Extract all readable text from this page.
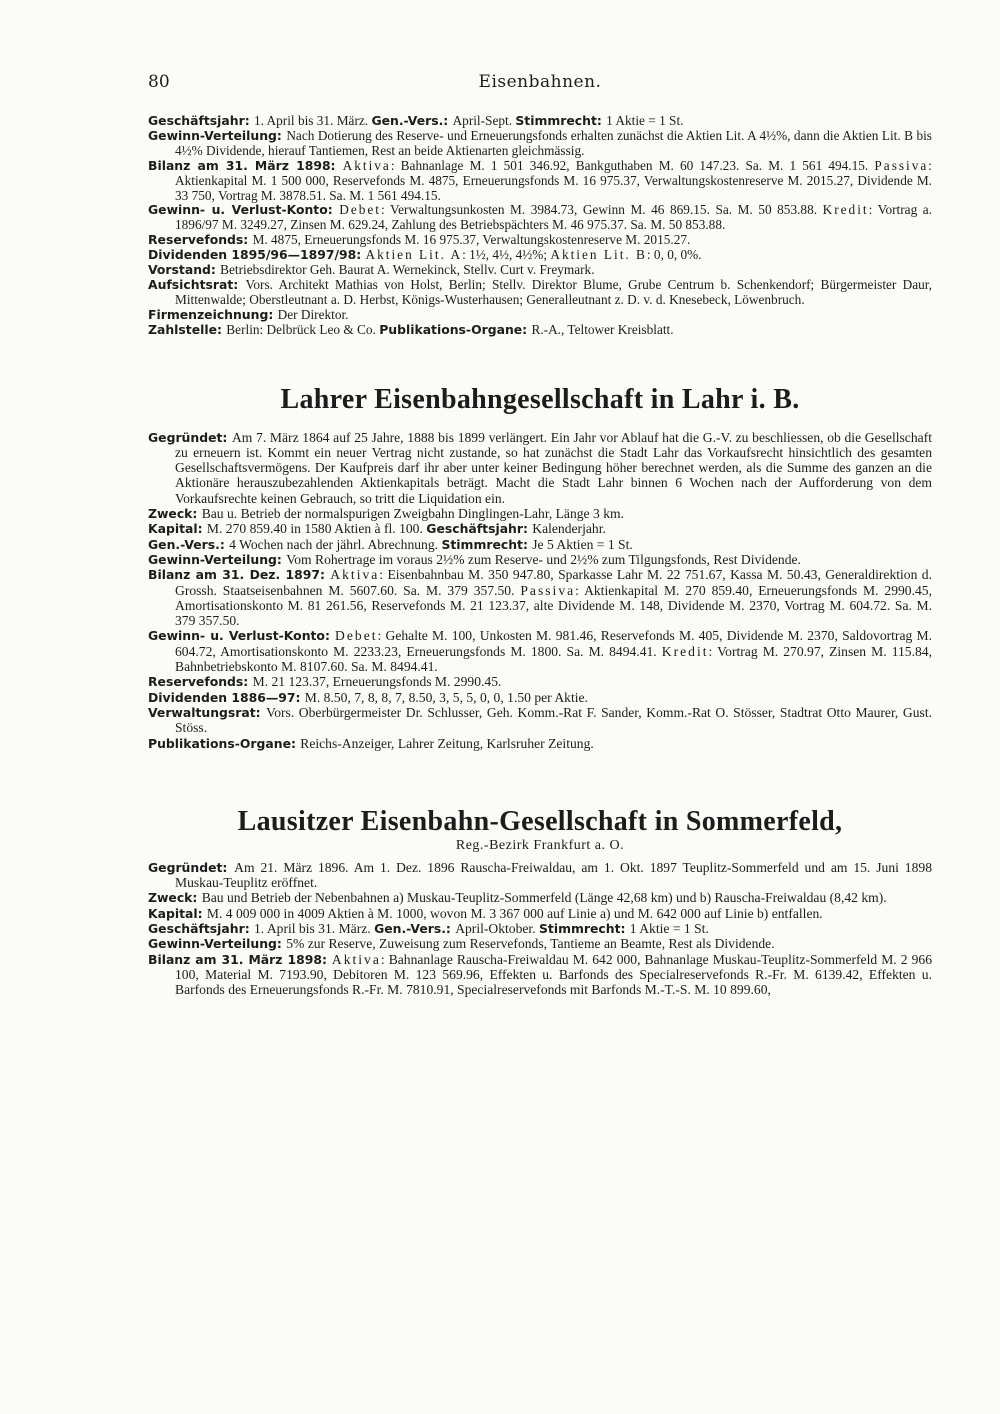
80	Eisenbahnen.

Geschäftsjahr: 1. April bis 31. März. Gen.-Vers.: April-Sept. Stimmrecht: 1 Aktie = 1 St.

Gewinn-Verteilung: Nach Dotierung des Reserve- und Erneuerungsfonds erhalten zunächst die Aktien Lit. A 4½%, dann die Aktien Lit. B bis 4½% Dividende, hierauf Tantiemen, Rest an beide Aktienarten gleichmässig.

Bilanz am 31. März 1898: Aktiva: Bahnanlage M. 1 501 346.92, Bankguthaben M. 60 147.23. Sa. M. 1 561 494.15. Passiva: Aktienkapital M. 1 500 000, Reservefonds M. 4875, Erneuerungsfonds M. 16 975.37, Verwaltungskostenreserve M. 2015.27, Dividende M. 33 750, Vortrag M. 3878.51. Sa. M. 1 561 494.15.

Gewinn- u. Verlust-Konto: Debet: Verwaltungsunkosten M. 3984.73, Gewinn M. 46 869.15. Sa. M. 50 853.88. Kredit: Vortrag a. 1896/97 M. 3249.27, Zinsen M. 629.24, Zahlung des Betriebspächters M. 46 975.37. Sa. M. 50 853.88.

Reservefonds: M. 4875, Erneuerungsfonds M. 16 975.37, Verwaltungskostenreserve M. 2015.27.

Dividenden 1895/96—1897/98: Aktien Lit. A: 1½, 4½, 4½%; Aktien Lit. B: 0, 0, 0%.

Vorstand: Betriebsdirektor Geh. Baurat A. Wernekinck, Stellv. Curt v. Freymark.

Aufsichtsrat: Vors. Architekt Mathias von Holst, Berlin; Stellv. Direktor Blume, Grube Centrum b. Schenkendorf; Bürgermeister Daur, Mittenwalde; Oberstleutnant a. D. Herbst, Königs-Wusterhausen; Generalleutnant z. D. v. d. Knesebeck, Löwenbruch.

Firmenzeichnung: Der Direktor.

Zahlstelle: Berlin: Delbrück Leo & Co. Publikations-Organe: R.-A., Teltower Kreisblatt.

Lahrer Eisenbahngesellschaft in Lahr i. B.

Gegründet: Am 7. März 1864 auf 25 Jahre, 1888 bis 1899 verlängert. Ein Jahr vor Ablauf hat die G.-V. zu beschliessen, ob die Gesellschaft zu erneuern ist. Kommt ein neuer Vertrag nicht zustande, so hat zunächst die Stadt Lahr das Vorkaufsrecht hinsichtlich des gesamten Gesellschaftsvermögens. Der Kaufpreis darf ihr aber unter keiner Bedingung höher berechnet werden, als die Summe des ganzen an die Aktionäre herauszubezahlenden Aktienkapitals beträgt. Macht die Stadt Lahr binnen 6 Wochen nach der Aufforderung von dem Vorkaufsrechte keinen Gebrauch, so tritt die Liquidation ein.

Zweck: Bau u. Betrieb der normalspurigen Zweigbahn Dinglingen-Lahr, Länge 3 km.

Kapital: M. 270 859.40 in 1580 Aktien à fl. 100. Geschäftsjahr: Kalenderjahr.

Gen.-Vers.: 4 Wochen nach der jährl. Abrechnung. Stimmrecht: Je 5 Aktien = 1 St.

Gewinn-Verteilung: Vom Rohertrage im voraus 2½% zum Reserve- und 2½% zum Tilgungsfonds, Rest Dividende.

Bilanz am 31. Dez. 1897: Aktiva: Eisenbahnbau M. 350 947.80, Sparkasse Lahr M. 22 751.67, Kassa M. 50.43, Generaldirektion d. Grossh. Staatseisenbahnen M. 5607.60. Sa. M. 379 357.50. Passiva: Aktienkapital M. 270 859.40, Erneuerungsfonds M. 2990.45, Amortisationskonto M. 81 261.56, Reservefonds M. 21 123.37, alte Dividende M. 148, Dividende M. 2370, Vortrag M. 604.72. Sa. M. 379 357.50.

Gewinn- u. Verlust-Konto: Debet: Gehalte M. 100, Unkosten M. 981.46, Reservefonds M. 405, Dividende M. 2370, Saldovortrag M. 604.72, Amortisationskonto M. 2233.23, Erneuerungsfonds M. 1800. Sa. M. 8494.41. Kredit: Vortrag M. 270.97, Zinsen M. 115.84, Bahnbetriebskonto M. 8107.60. Sa. M. 8494.41.

Reservefonds: M. 21 123.37, Erneuerungsfonds M. 2990.45.

Dividenden 1886—97: M. 8.50, 7, 8, 8, 7, 8.50, 3, 5, 5, 0, 0, 1.50 per Aktie.

Verwaltungsrat: Vors. Oberbürgermeister Dr. Schlusser, Geh. Komm.-Rat F. Sander, Komm.-Rat O. Stösser, Stadtrat Otto Maurer, Gust. Stöss.

Publikations-Organe: Reichs-Anzeiger, Lahrer Zeitung, Karlsruher Zeitung.

Lausitzer Eisenbahn-Gesellschaft in Sommerfeld,

Reg.-Bezirk Frankfurt a. O.

Gegründet: Am 21. März 1896. Am 1. Dez. 1896 Rauscha-Freiwaldau, am 1. Okt. 1897 Teuplitz-Sommerfeld und am 15. Juni 1898 Muskau-Teuplitz eröffnet.

Zweck: Bau und Betrieb der Nebenbahnen a) Muskau-Teuplitz-Sommerfeld (Länge 42,68 km) und b) Rauscha-Freiwaldau (8,42 km).

Kapital: M. 4 009 000 in 4009 Aktien à M. 1000, wovon M. 3 367 000 auf Linie a) und M. 642 000 auf Linie b) entfallen.

Geschäftsjahr: 1. April bis 31. März. Gen.-Vers.: April-Oktober. Stimmrecht: 1 Aktie = 1 St.

Gewinn-Verteilung: 5% zur Reserve, Zuweisung zum Reservefonds, Tantieme an Beamte, Rest als Dividende.

Bilanz am 31. März 1898: Aktiva: Bahnanlage Rauscha-Freiwaldau M. 642 000, Bahnanlage Muskau-Teuplitz-Sommerfeld M. 2 966 100, Material M. 7193.90, Debitoren M. 123 569.96, Effekten u. Barfonds des Specialreservefonds R.-Fr. M. 6139.42, Effekten u. Barfonds des Erneuerungsfonds R.-Fr. M. 7810.91, Specialreservefonds mit Barfonds M.-T.-S. M. 10 899.60,
